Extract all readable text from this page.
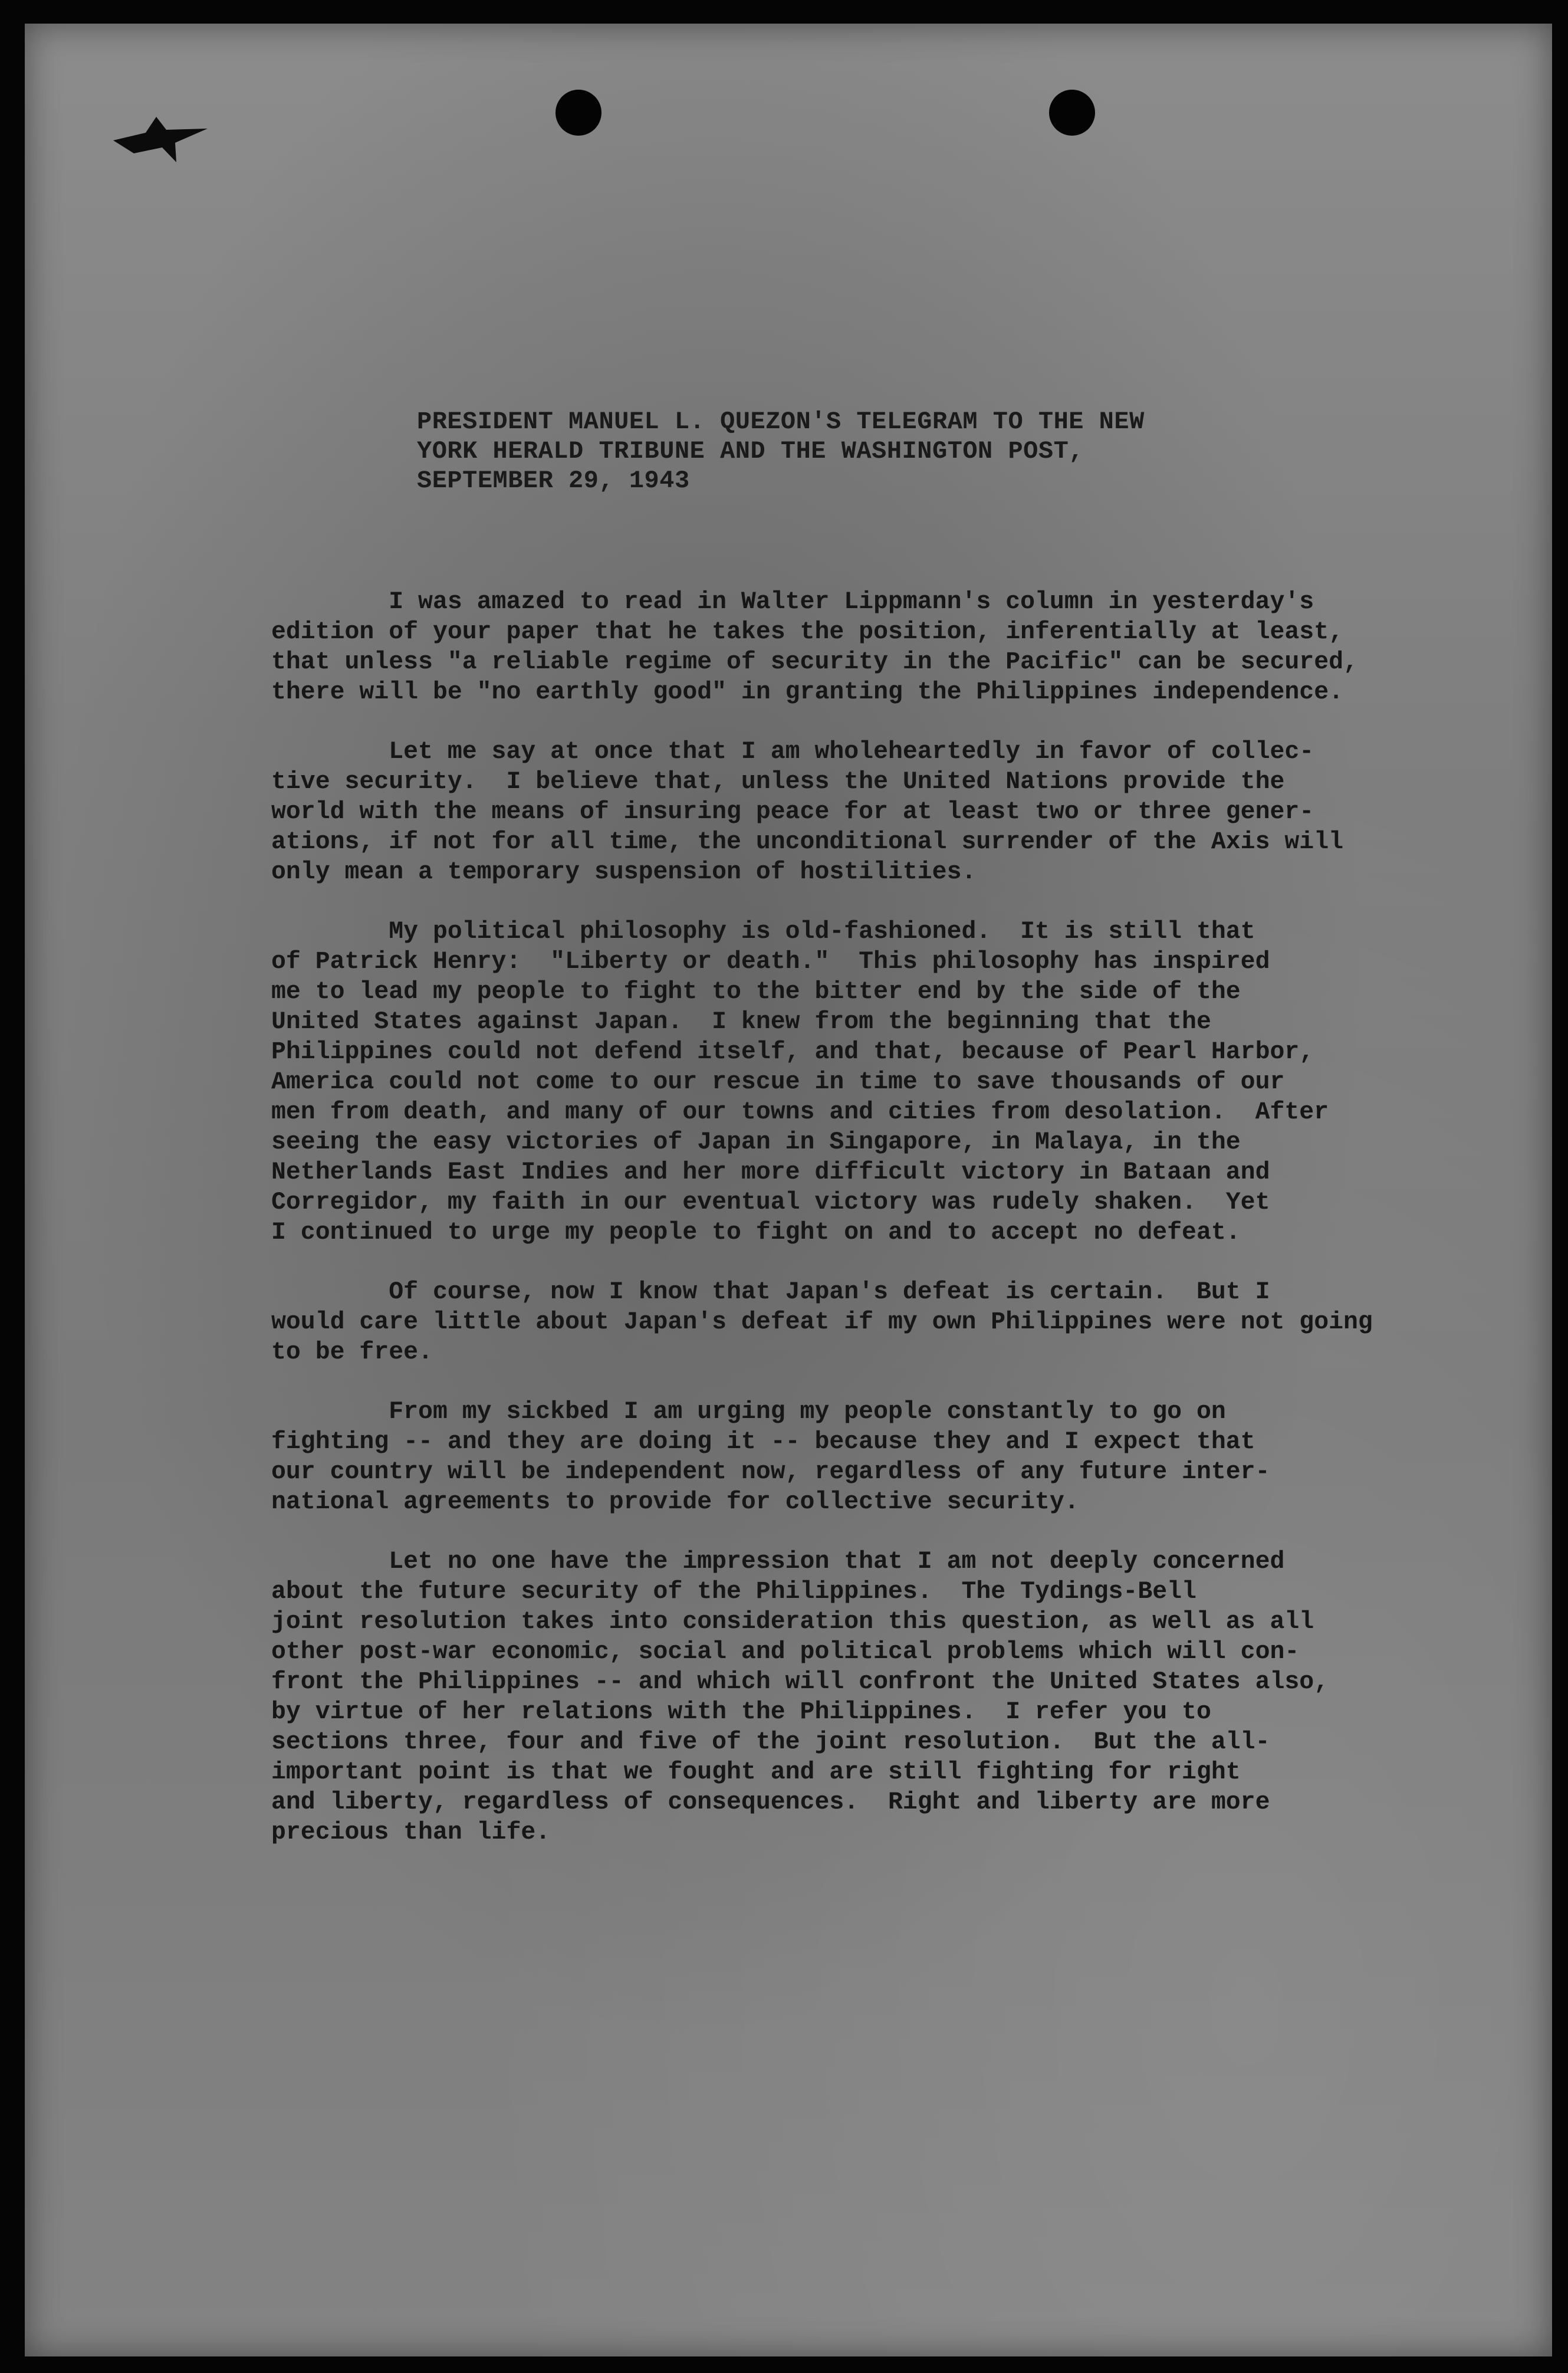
PRESIDENT MANUEL L. QUEZON'S TELEGRAM TO THE NEW
YORK HERALD TRIBUNE AND THE WASHINGTON POST,
SEPTEMBER 29, 1943
I was amazed to read in Walter Lippmann's column in yesterday's
edition of your paper that he takes the position, inferentially at least,
that unless "a reliable regime of security in the Pacific" can be secured,
there will be "no earthly good" in granting the Philippines independence.
Let me say at once that I am wholeheartedly in favor of collec-
tive security.  I believe that, unless the United Nations provide the
world with the means of insuring peace for at least two or three gener-
ations, if not for all time, the unconditional surrender of the Axis will
only mean a temporary suspension of hostilities.
My political philosophy is old-fashioned.  It is still that
of Patrick Henry:  "Liberty or death."  This philosophy has inspired
me to lead my people to fight to the bitter end by the side of the
United States against Japan.  I knew from the beginning that the
Philippines could not defend itself, and that, because of Pearl Harbor,
America could not come to our rescue in time to save thousands of our
men from death, and many of our towns and cities from desolation.  After
seeing the easy victories of Japan in Singapore, in Malaya, in the
Netherlands East Indies and her more difficult victory in Bataan and
Corregidor, my faith in our eventual victory was rudely shaken.  Yet
I continued to urge my people to fight on and to accept no defeat.
Of course, now I know that Japan's defeat is certain.  But I
would care little about Japan's defeat if my own Philippines were not going
to be free.
From my sickbed I am urging my people constantly to go on
fighting -- and they are doing it -- because they and I expect that
our country will be independent now, regardless of any future inter-
national agreements to provide for collective security.
Let no one have the impression that I am not deeply concerned
about the future security of the Philippines.  The Tydings-Bell
joint resolution takes into consideration this question, as well as all
other post-war economic, social and political problems which will con-
front the Philippines -- and which will confront the United States also,
by virtue of her relations with the Philippines.  I refer you to
sections three, four and five of the joint resolution.  But the all-
important point is that we fought and are still fighting for right
and liberty, regardless of consequences.  Right and liberty are more
precious than life.
